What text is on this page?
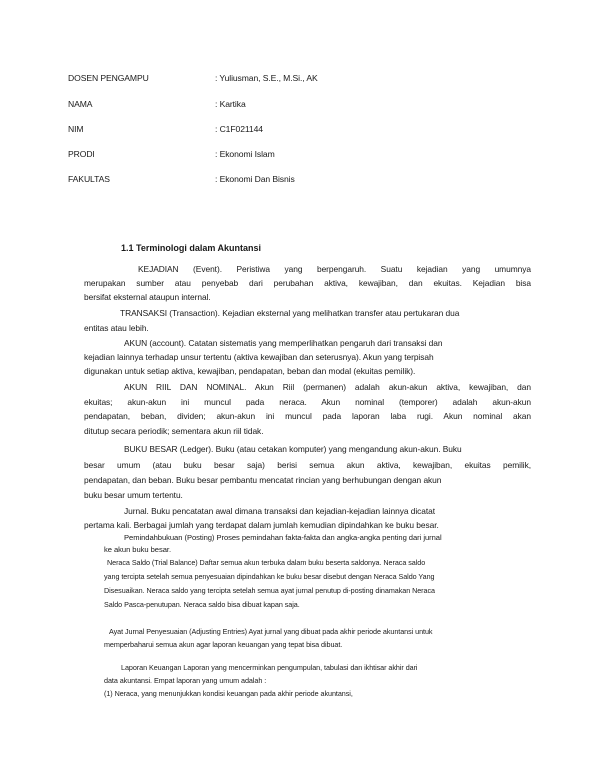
DOSEN PENGAMPU	: Yuliusman, S.E., M.Si., AK
NAMA	: Kartika
NIM	: C1F021144
PRODI	: Ekonomi Islam
FAKULTAS	: Ekonomi Dan Bisnis
1.1 Terminologi dalam Akuntansi
KEJADIAN (Event). Peristiwa yang berpengaruh. Suatu kejadian yang umumnya
merupakan sumber atau penyebab dari perubahan aktiva, kewajiban, dan ekuitas. Kejadian bisa
bersifat eksternal ataupun internal.
TRANSAKSI (Transaction). Kejadian eksternal yang melihatkan transfer atau pertukaran dua
entitas atau lebih.
AKUN (account). Catatan sistematis yang memperlihatkan pengaruh dari transaksi dan
kejadian lainnya terhadap unsur tertentu (aktiva kewajiban dan seterusnya). Akun yang terpisah
digunakan untuk setiap aktiva, kewajiban, pendapatan, beban dan modal (ekuitas pemilik).
AKUN RIIL DAN NOMINAL. Akun Riil (permanen) adalah akun-akun aktiva, kewajiban, dan
ekuitas; akun-akun ini muncul pada neraca. Akun nominal (temporer) adalah akun-akun
pendapatan, beban, dividen; akun-akun ini muncul pada laporan laba rugi. Akun nominal akan
ditutup secara periodik; sementara akun riil tidak.
BUKU BESAR (Ledger). Buku (atau cetakan komputer) yang mengandung akun-akun. Buku
besar umum (atau buku besar saja) berisi semua akun aktiva, kewajiban, ekuitas pemilik,
pendapatan, dan beban. Buku besar pembantu mencatat rincian yang berhubungan dengan akun
buku besar umum tertentu.
Jurnal. Buku pencatatan awal dimana transaksi dan kejadian-kejadian lainnya dicatat
pertama kali. Berbagai jumlah yang terdapat dalam jumlah kemudian dipindahkan ke buku besar.
Pemindahbukuan (Posting) Proses pemindahan fakta-fakta dan angka-angka penting dari jurnal
ke akun buku besar.
Neraca Saldo (Trial Balance) Daftar semua akun terbuka dalam buku beserta saldonya. Neraca saldo
yang tercipta setelah semua penyesuaian dipindahkan ke buku besar disebut dengan Neraca Saldo Yang
Disesuaikan. Neraca saldo yang tercipta setelah semua ayat jurnal penutup di-posting dinamakan Neraca
Saldo Pasca-penutupan. Neraca saldo bisa dibuat kapan saja.
Ayat Jurnal Penyesuaian (Adjusting Entries) Ayat jurnal yang dibuat pada akhir periode akuntansi untuk
memperbaharui semua akun agar laporan keuangan yang tepat bisa dibuat.
Laporan Keuangan Laporan yang mencerminkan pengumpulan, tabulasi dan ikhtisar akhir dari
data akuntansi. Empat laporan yang umum adalah :
(1) Neraca, yang menunjukkan kondisi keuangan pada akhir periode akuntansi,
